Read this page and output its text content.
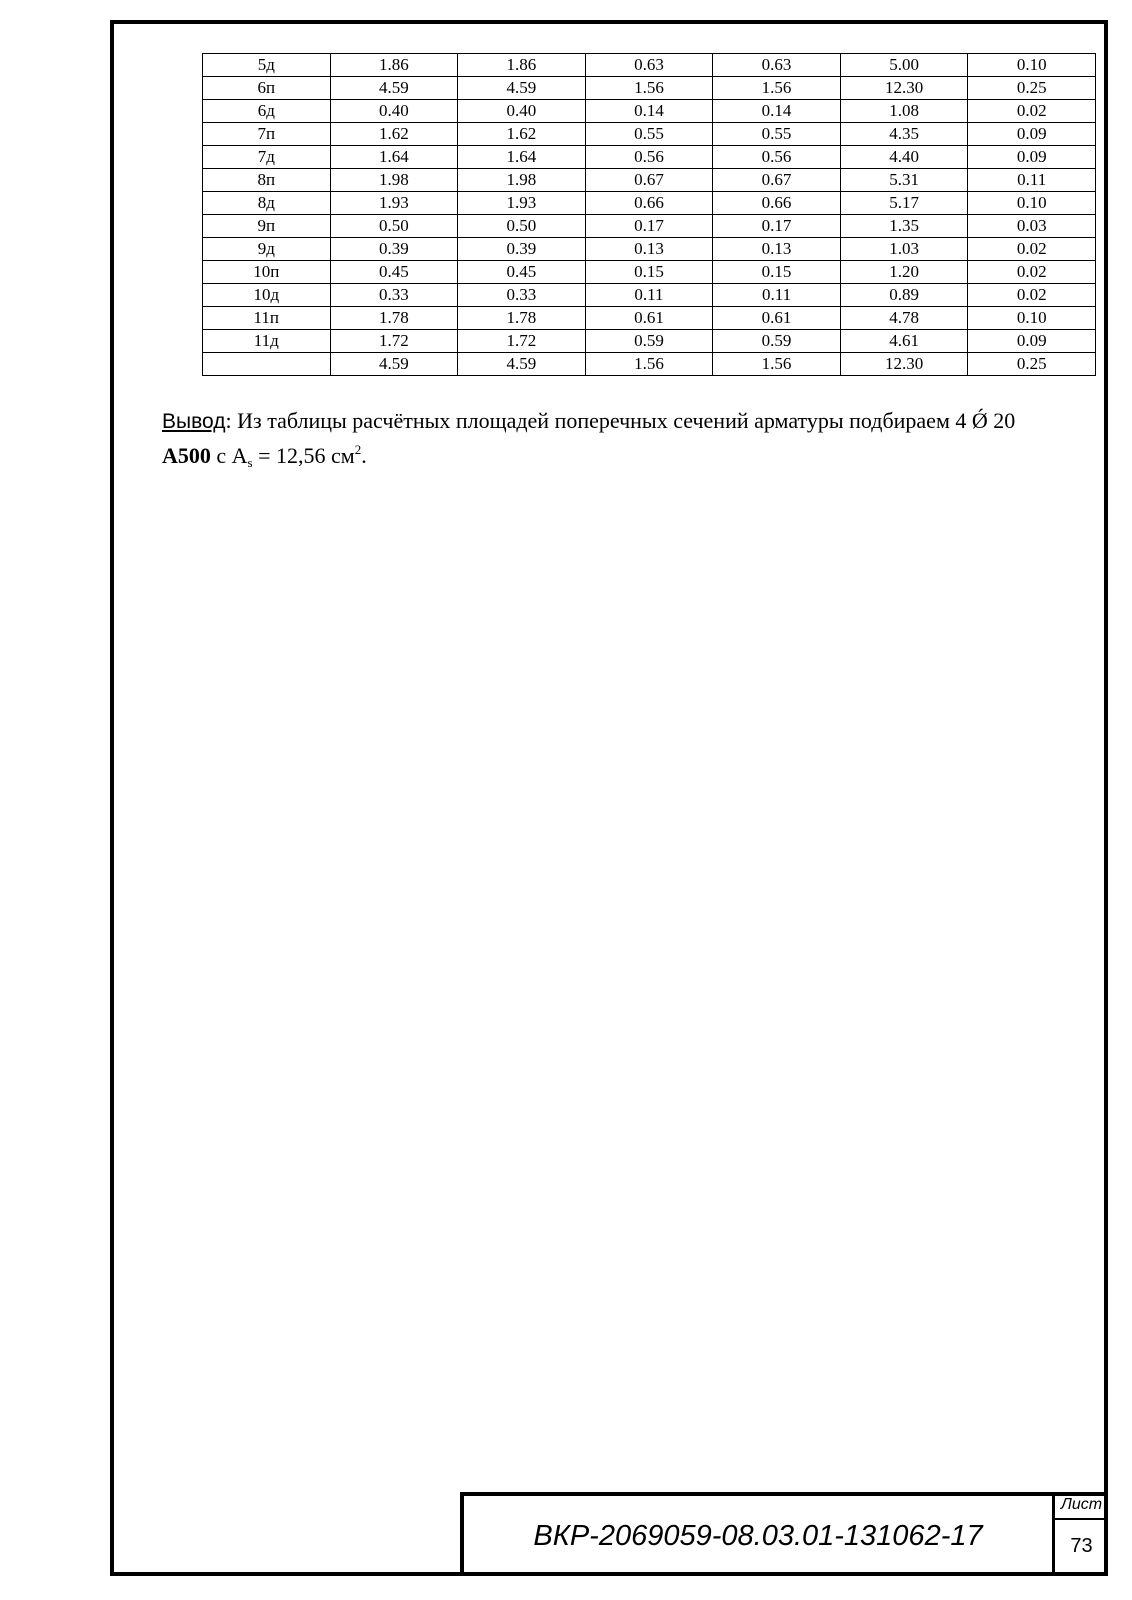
5д	1.86	1.86	0.63	0.63	5.00	0.10
6п	4.59	4.59	1.56	1.56	12.30	0.25
6д	0.40	0.40	0.14	0.14	1.08	0.02
7п	1.62	1.62	0.55	0.55	4.35	0.09
7д	1.64	1.64	0.56	0.56	4.40	0.09
8п	1.98	1.98	0.67	0.67	5.31	0.11
8д	1.93	1.93	0.66	0.66	5.17	0.10
9п	0.50	0.50	0.17	0.17	1.35	0.03
9д	0.39	0.39	0.13	0.13	1.03	0.02
10п	0.45	0.45	0.15	0.15	1.20	0.02
10д	0.33	0.33	0.11	0.11	0.89	0.02
11п	1.78	1.78	0.61	0.61	4.78	0.10
11д	1.72	1.72	0.59	0.59	4.61	0.09
	4.59	4.59	1.56	1.56	12.30	0.25
Вывод: Из таблицы расчётных площадей поперечных сечений арматуры подбираем 4 Ǿ 20
А500 с $А_s = 12,56$ $см^2$.
ВКР-2069059-08.03.01-131062-17
Лист
73
